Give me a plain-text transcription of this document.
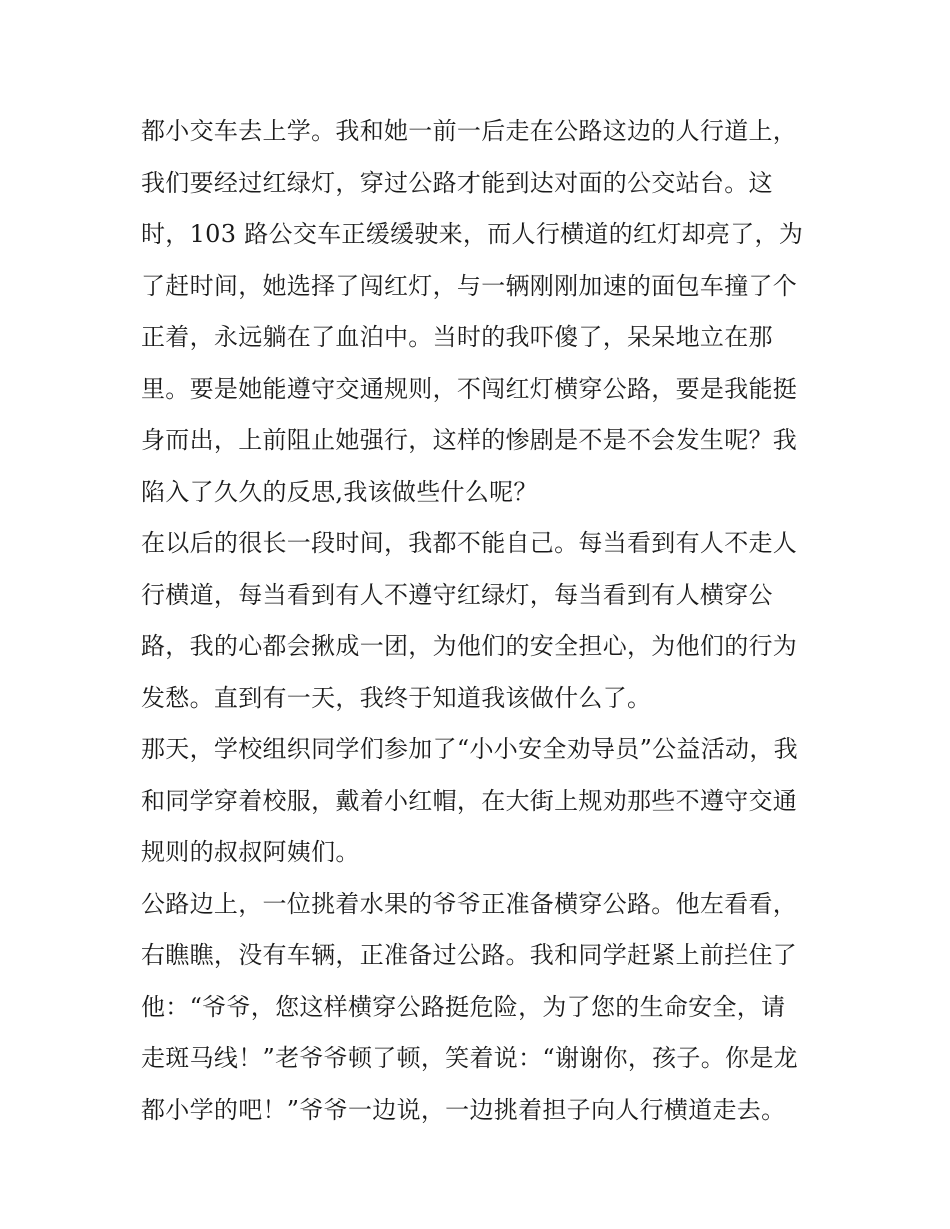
都小交车去上学。我和她一前一后走在公路这边的人行道上，
我们要经过红绿灯，穿过公路才能到达对面的公交站台。这
时，103 路公交车正缓缓驶来，而人行横道的红灯却亮了，为
了赶时间，她选择了闯红灯，与一辆刚刚加速的面包车撞了个
正着，永远躺在了血泊中。当时的我吓傻了，呆呆地立在那
里。要是她能遵守交通规则，不闯红灯横穿公路，要是我能挺
身而出，上前阻止她强行，这样的惨剧是不是不会发生呢？我
陷入了久久的反思,我该做些什么呢？
在以后的很长一段时间，我都不能自己。每当看到有人不走人
行横道，每当看到有人不遵守红绿灯，每当看到有人横穿公
路，我的心都会揪成一团，为他们的安全担心，为他们的行为
发愁。直到有一天，我终于知道我该做什么了。
那天，学校组织同学们参加了“小小安全劝导员”公益活动，我
和同学穿着校服，戴着小红帽，在大街上规劝那些不遵守交通
规则的叔叔阿姨们。
公路边上，一位挑着水果的爷爷正准备横穿公路。他左看看，
右瞧瞧，没有车辆，正准备过公路。我和同学赶紧上前拦住了
他：“爷爷，您这样横穿公路挺危险，为了您的生命安全，请
走斑马线！”老爷爷顿了顿，笑着说：“谢谢你，孩子。你是龙
都小学的吧！”爷爷一边说，一边挑着担子向人行横道走去。
